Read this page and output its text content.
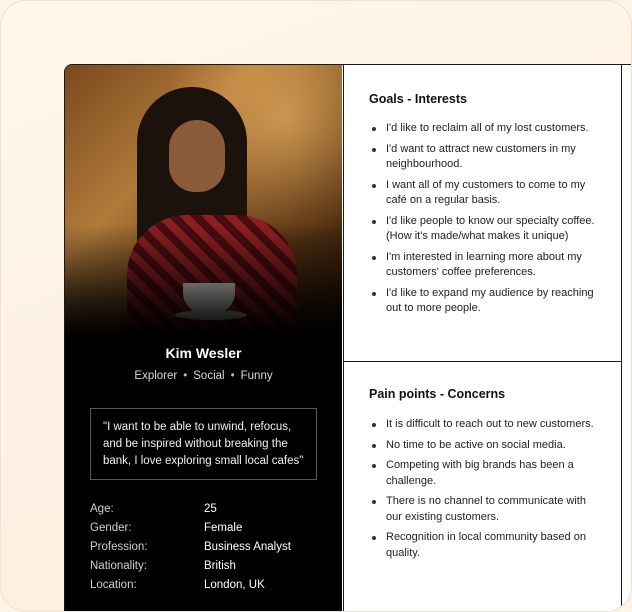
Kim Wesler
Explorer • Social • Funny
"I want to be able to unwind, refocus, and be inspired without breaking the bank, I love exploring small local cafes"
Age:	25
Gender:	Female
Profession:	Business Analyst
Nationality:	British
Location:	London, UK
Goals - Interests
I'd like to reclaim all of my lost customers.
I'd want to attract new customers in my neighbourhood.
I want all of my customers to come to my café on a regular basis.
I'd like people to know our specialty coffee. (How it's made/what makes it unique)
I'm interested in learning more about my customers' coffee preferences.
I'd like to expand my audience by reaching out to more people.
Pain points - Concerns
It is difficult to reach out to new customers.
No time to be active on social media.
Competing with big brands has been a challenge.
There is no channel to communicate with our existing customers.
Recognition in local community based on quality.
